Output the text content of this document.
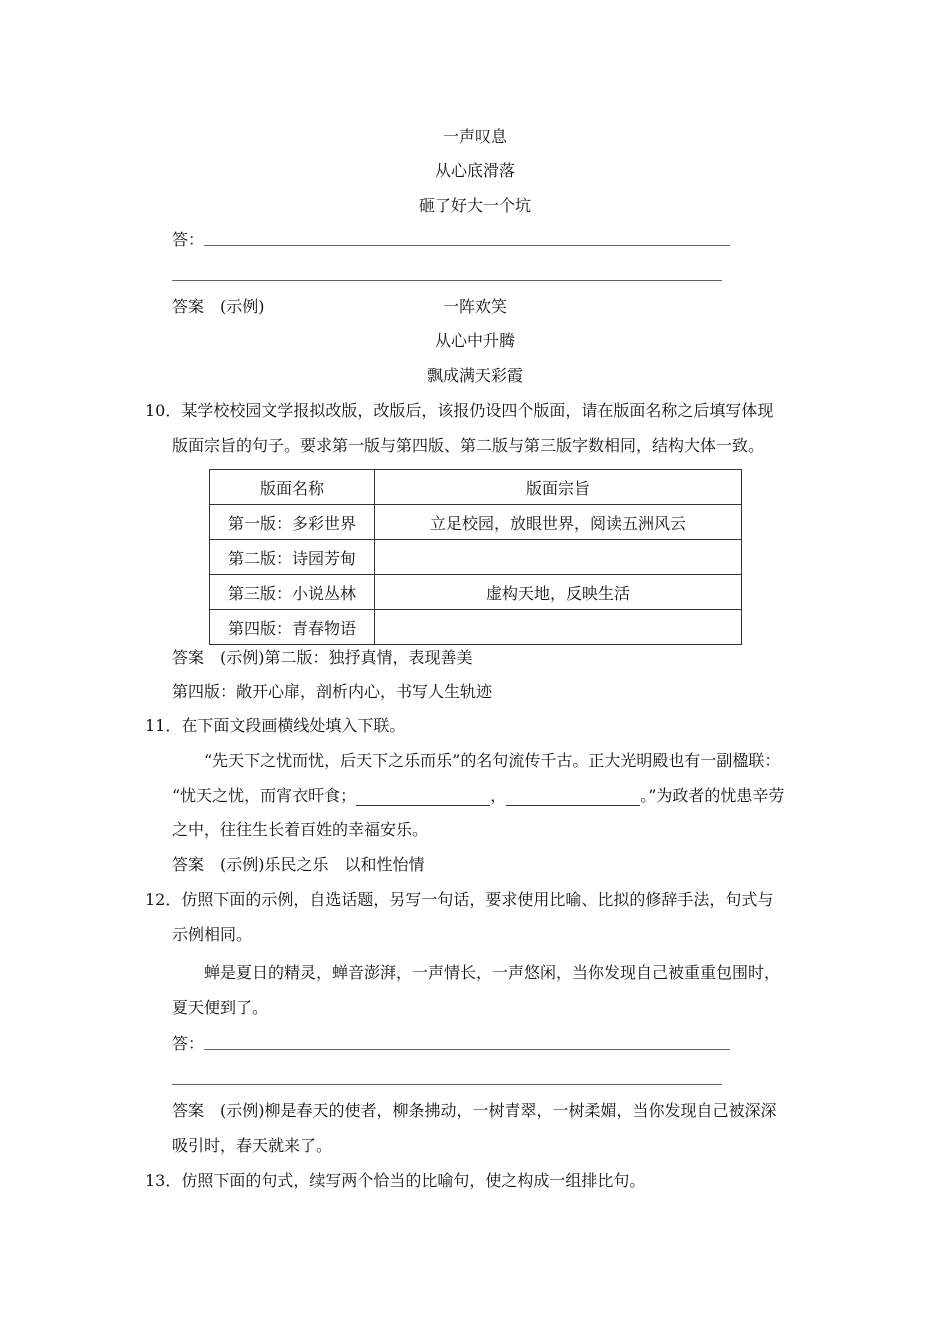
一声叹息
从心底滑落
砸了好大一个坑
答：
答案　(示例)	一阵欢笑
从心中升腾
飘成满天彩霞
10．某学校校园文学报拟改版，改版后，该报仍设四个版面，请在版面名称之后填写体现
版面宗旨的句子。要求第一版与第四版、第二版与第三版字数相同，结构大体一致。
版面名称	版面宗旨
第一版：多彩世界	立足校园，放眼世界，阅读五洲风云
第二版：诗园芳甸	
第三版：小说丛林	虚构天地，反映生活
第四版：青春物语	
答案　(示例)第二版：独抒真情，表现善美
第四版：敞开心扉，剖析内心，书写人生轨迹
11．在下面文段画横线处填入下联。
“先天下之忧而忧，后天下之乐而乐”的名句流传千古。正大光明殿也有一副楹联：
“忧天之忧，而宵衣旰食；	，	。”为政者的忧患辛劳
之中，往往生长着百姓的幸福安乐。
答案　(示例)乐民之乐　以和性怡情
12．仿照下面的示例，自选话题，另写一句话，要求使用比喻、比拟的修辞手法，句式与
示例相同。
蝉是夏日的精灵，蝉音澎湃，一声情长，一声悠闲，当你发现自己被重重包围时，
夏天便到了。
答：
答案　(示例)柳是春天的使者，柳条拂动，一树青翠，一树柔媚，当你发现自己被深深
吸引时，春天就来了。
13．仿照下面的句式，续写两个恰当的比喻句，使之构成一组排比句。
